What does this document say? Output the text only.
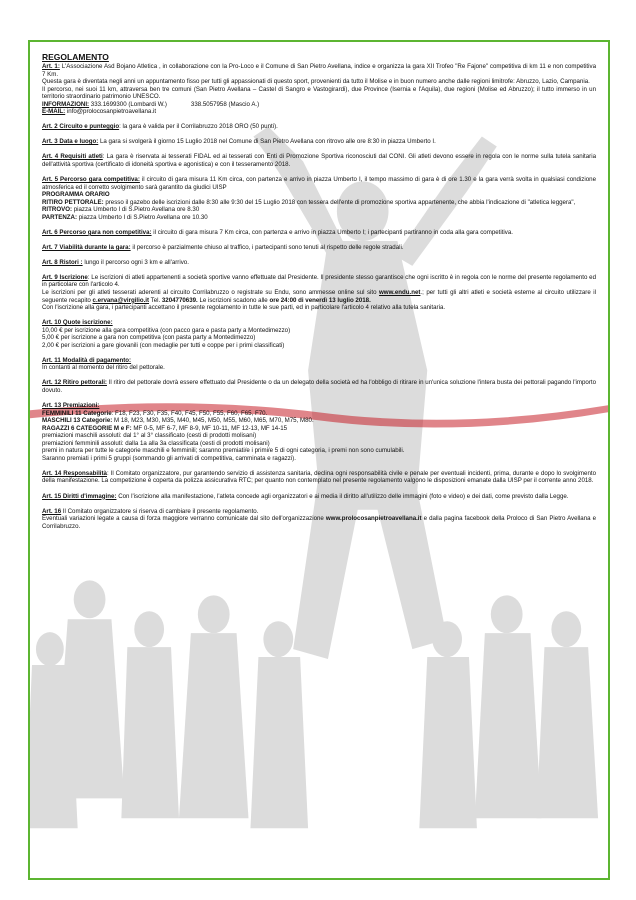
REGOLAMENTO

Art. 1: L'Associazione Asd Bojano Atletica , in collaborazione con la Pro-Loco e il Comune di San Pietro Avellana, indice e organizza la gara XII Trofeo "Re Fajone" competitiva di km 11 e non competitiva 7 Km.

Questa gara è diventata negli anni un appuntamento fisso per tutti gli appassionati di questo sport, provenienti da tutto il Molise e in buon numero anche dalle regioni limitrofe: Abruzzo, Lazio, Campania.

Il percorso, nei suoi 11 km, attraversa ben tre comuni (San Pietro Avellana – Castel di Sangro e Vastogirardi), due Province (Isernia e l'Aquila), due regioni (Molise ed Abruzzo); il tutto immerso in un territorio straordinario patrimonio UNESCO.

INFORMAZIONI: 333.1699300 (Lombardi W.)	338.5057958 (Mascio A.)

E-MAIL: info@prolocosanpietroavellana.it

Art. 2 Circuito e punteggio: la gara è valida per il Corrilabruzzo 2018 ORO (50 punti).

Art. 3 Data e luogo: La gara si svolgerà il giorno 15 Luglio 2018 nel Comune di San Pietro Avellana con ritrovo alle ore 8:30 in piazza Umberto I.

Art. 4 Requisiti atleti: La gara è riservata ai tesserati FIDAL ed ai tesserati con Enti di Promozione Sportiva riconosciuti dal CONI. Gli atleti devono essere in regola con le norme sulla tutela sanitaria dell'attività sportiva (certificato di idoneità sportiva e agonistica) e con il tesseramento 2018.

Art. 5 Percorso gara competitiva: il circuito di gara misura 11 Km circa, con partenza e arrivo in piazza Umberto I, il tempo massimo di gara è di ore 1.30 e la gara verrà svolta in qualsiasi condizione atmosferica ed il corretto svolgimento sarà garantito da giudici UISP

PROGRAMMA ORARIO

RITIRO PETTORALE: presso il gazebo delle iscrizioni dalle 8:30 alle 9:30 del 15 Luglio 2018 con tessera dell'ente di promozione sportiva appartenente, che abbia l'indicazione di "atletica leggera",

RITROVO: piazza Umberto I di S.Pietro Avellana ore 8.30

PARTENZA: piazza Umberto I di S.Pietro Avellana ore 10.30

Art. 6 Percorso gara non competitiva: il circuito di gara misura 7 Km circa, con partenza e arrivo in piazza Umberto I; i partecipanti partiranno in coda alla gara competitiva.

Art. 7 Viabilità durante la gara: il percorso è parzialmente chiuso al traffico, i partecipanti sono tenuti al rispetto delle regole stradali.

Art. 8 Ristori : lungo il percorso ogni 3 km e all'arrivo.

Art. 9 Iscrizione: Le iscrizioni di atleti appartenenti a società sportive vanno effettuate dal Presidente. Il presidente stesso garantisce che ogni iscritto è in regola con le norme del presente regolamento ed in particolare con l'articolo 4.

Le iscrizioni per gli atleti tesserati aderenti al circuito Corrilabruzzo o registrate su Endu, sono ammesse online sul sito www.endu.net.; per tutti gli altri atleti e società esterne al circuito utilizzare il seguente recapito c.ervana@virgilio.it Tel. 3204770639. Le iscrizioni scadono alle ore 24:00 di venerdì 13 luglio 2018.

Con l'iscrizione alla gara, i partecipanti accettano il presente regolamento in tutte le sue parti, ed in particolare l'articolo 4 relativo alla tutela sanitaria.

Art. 10 Quote iscrizione:

10,00 € per iscrizione alla gara competitiva (con pacco gara e pasta party a Montedimezzo)

5,00 € per iscrizione a gara non competitiva (con pasta party a Montedimezzo)

2,00 € per iscrizioni a gare giovanili (con medaglie per tutti e coppe per i primi classificati)

Art. 11 Modalità di pagamento:

In contanti al momento del ritiro del pettorale.

Art. 12 Ritiro pettorali: Il ritiro del pettorale dovrà essere effettuato dal Presidente o da un delegato della società ed ha l'obbligo di ritirare in un'unica soluzione l'intera busta dei pettorali pagando l'importo dovuto.

Art. 13 Premiazioni:

FEMMINILI 11 Categorie: F18, F23, F30, F35, F40, F45, F50, F55, F60, F65, F70.

MASCHILI 13 Categorie: M 18, M23, M30, M35, M40, M45, M50, M55, M60, M65, M70, M75, M80.

RAGAZZI 6 CATEGORIE M e F: MF 0-5, MF 6-7, MF 8-9, MF 10-11, MF 12-13, MF 14-15

premiazioni maschili assoluti: dal 1° al 3° classificato (cesti di prodotti molisani)

premiazioni femminili assoluti: dalla 1a alla 3a classificata (cesti di prodotti molisani)

premi in natura per tutte le categorie maschili e femminili; saranno premiati/e i primi/e 5 di ogni categoria, i premi non sono cumulabili.

Saranno premiati i primi 5 gruppi (sommando gli arrivati di competitiva, camminata e ragazzi).

Art. 14 Responsabilità: Il Comitato organizzatore, pur garantendo servizio di assistenza sanitaria, declina ogni responsabilità civile e penale per eventuali incidenti, prima, durante e dopo lo svolgimento della manifestazione. La competizione è coperta da polizza assicurativa RTC; per quanto non contemplato nel presente regolamento valgono le disposizioni emanate dalla UISP per il corrente anno 2018.

Art. 15 Diritti d'immagine: Con l'iscrizione alla manifestazione, l'atleta concede agli organizzatori e ai media il diritto all'utilizzo delle immagini (foto e video) e dei dati, come previsto dalla Legge.

Art. 16 Il Comitato organizzatore si riserva di cambiare il presente regolamento.

Eventuali variazioni legate a causa di forza maggiore verranno comunicate dal sito dell'organizzazione www.prolocosanpietroavellana.it e dalla pagina facebook della Proloco di San Pietro Avellana e Corrilabruzzo.
